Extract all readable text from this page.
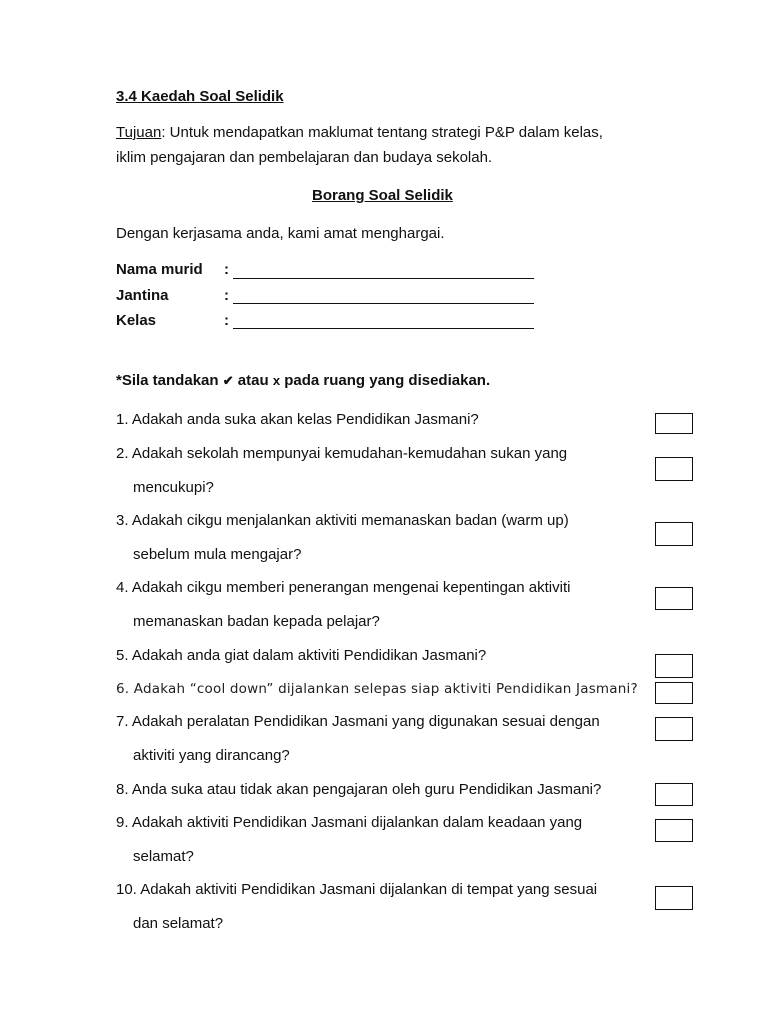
3.4 Kaedah Soal Selidik
Tujuan: Untuk mendapatkan maklumat tentang strategi P&P dalam kelas,
iklim pengajaran dan pembelajaran dan budaya sekolah.
Borang Soal Selidik
Dengan kerjasama anda, kami amat menghargai.
Nama murid :
Jantina	:
Kelas	:
*Sila tandakan ✔ atau x pada ruang yang disediakan.
1. Adakah anda suka akan kelas Pendidikan Jasmani?
2. Adakah sekolah mempunyai kemudahan-kemudahan sukan yang
mencukupi?
3. Adakah cikgu menjalankan aktiviti memanaskan badan (warm up)
sebelum mula mengajar?
4. Adakah cikgu memberi penerangan mengenai kepentingan aktiviti
memanaskan badan kepada pelajar?
5. Adakah anda giat dalam aktiviti Pendidikan Jasmani?
6. Adakah “cool down” dijalankan selepas siap aktiviti Pendidikan Jasmani?
7. Adakah peralatan Pendidikan Jasmani yang digunakan sesuai dengan
aktiviti yang dirancang?
8. Anda suka atau tidak akan pengajaran oleh guru Pendidikan Jasmani?
9. Adakah aktiviti Pendidikan Jasmani dijalankan dalam keadaan yang
selamat?
10. Adakah aktiviti Pendidikan Jasmani dijalankan di tempat yang sesuai
dan selamat?
